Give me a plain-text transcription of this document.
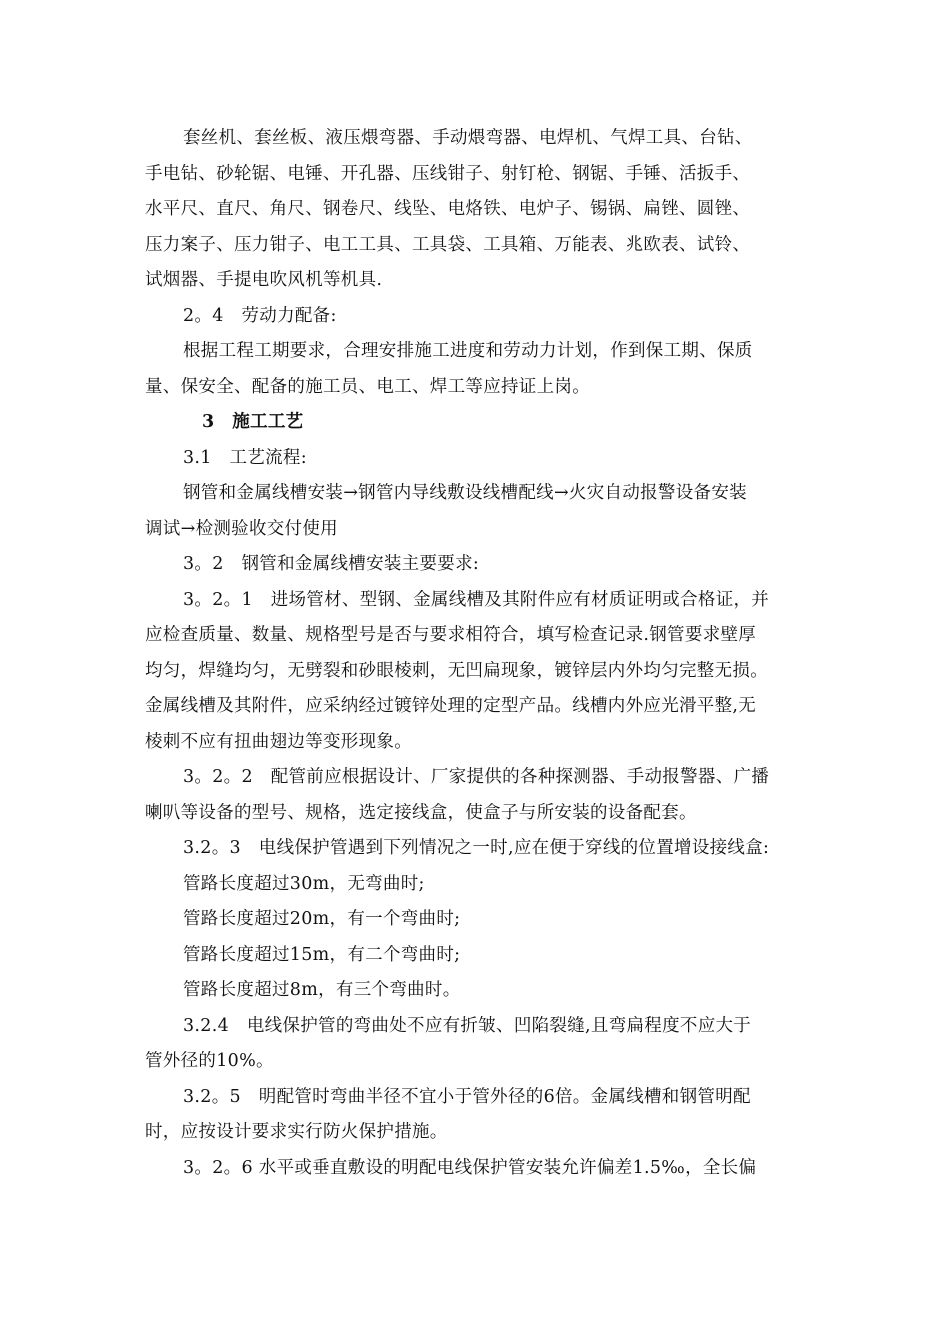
套丝机、套丝板、液压煨弯器、手动煨弯器、电焊机、气焊工具、台钻、
手电钻、砂轮锯、电锤、开孔器、压线钳子、射钉枪、钢锯、手锤、活扳手、
水平尺、直尺、角尺、钢卷尺、线坠、电烙铁、电炉子、锡锅、扁锉、圆锉、
压力案子、压力钳子、电工工具、工具袋、工具箱、万能表、兆欧表、试铃、
试烟器、手提电吹风机等机具.
2。4　劳动力配备:
根据工程工期要求，合理安排施工进度和劳动力计划，作到保工期、保质
量、保安全、配备的施工员、电工、焊工等应持证上岗。
3　施工工艺
3.1　工艺流程:
钢管和金属线槽安装→钢管内导线敷设线槽配线→火灾自动报警设备安装
调试→检测验收交付使用
3。2　钢管和金属线槽安装主要要求:
3。2。1　进场管材、型钢、金属线槽及其附件应有材质证明或合格证，并
应检查质量、数量、规格型号是否与要求相符合，填写检查记录.钢管要求壁厚
均匀，焊缝均匀，无劈裂和砂眼棱刺，无凹扁现象，镀锌层内外均匀完整无损。
金属线槽及其附件，应采纳经过镀锌处理的定型产品。线槽内外应光滑平整,无
棱刺不应有扭曲翅边等变形现象。
3。2。2　配管前应根据设计、厂家提供的各种探测器、手动报警器、广播
喇叭等设备的型号、规格，选定接线盒，使盒子与所安装的设备配套。
3.2。3　电线保护管遇到下列情况之一时,应在便于穿线的位置增设接线盒:
管路长度超过30m，无弯曲时;
管路长度超过20m，有一个弯曲时;
管路长度超过15m，有二个弯曲时;
管路长度超过8m，有三个弯曲时。
3.2.4　电线保护管的弯曲处不应有折皱、凹陷裂缝,且弯扁程度不应大于
管外径的10%。
3.2。5　明配管时弯曲半径不宜小于管外径的6倍。金属线槽和钢管明配
时，应按设计要求实行防火保护措施。
3。2。6 水平或垂直敷设的明配电线保护管安装允许偏差1.5‰，全长偏
